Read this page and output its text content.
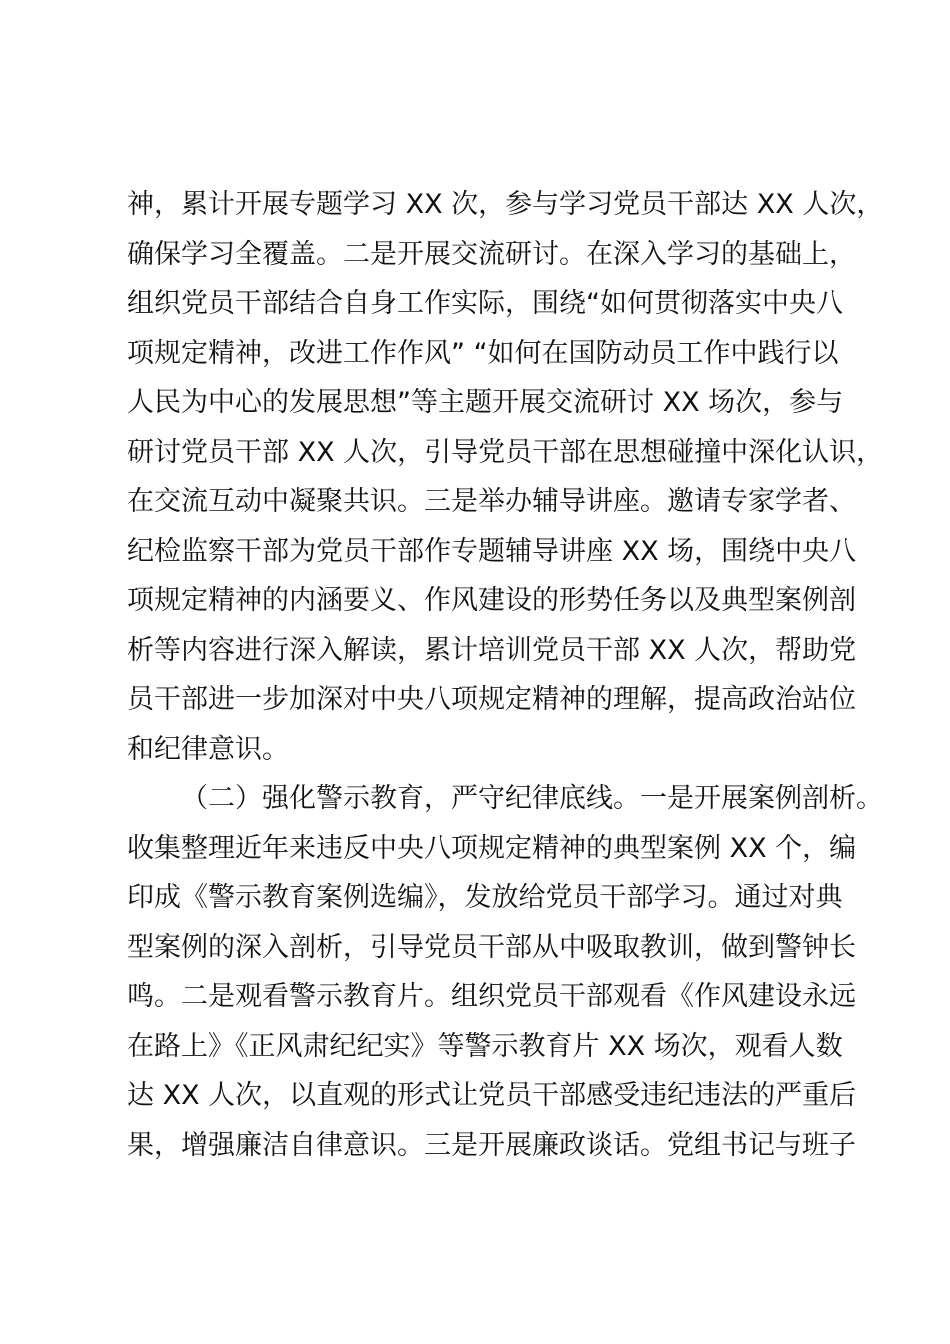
神，累计开展专题学习 XX 次，参与学习党员干部达 XX 人次，
确保学习全覆盖。二是开展交流研讨。在深入学习的基础上，
组织党员干部结合自身工作实际，围绕“如何贯彻落实中央八
项规定精神，改进工作作风” “如何在国防动员工作中践行以
人民为中心的发展思想”等主题开展交流研讨 XX 场次，参与
研讨党员干部 XX 人次，引导党员干部在思想碰撞中深化认识，
在交流互动中凝聚共识。三是举办辅导讲座。邀请专家学者、
纪检监察干部为党员干部作专题辅导讲座 XX 场，围绕中央八
项规定精神的内涵要义、作风建设的形势任务以及典型案例剖
析等内容进行深入解读，累计培训党员干部 XX 人次，帮助党
员干部进一步加深对中央八项规定精神的理解，提高政治站位
和纪律意识。
（二）强化警示教育，严守纪律底线。一是开展案例剖析。
收集整理近年来违反中央八项规定精神的典型案例 XX 个，编
印成《警示教育案例选编》，发放给党员干部学习。通过对典
型案例的深入剖析，引导党员干部从中吸取教训，做到警钟长
鸣。二是观看警示教育片。组织党员干部观看《作风建设永远
在路上》《正风肃纪纪实》等警示教育片 XX 场次，观看人数
达 XX 人次，以直观的形式让党员干部感受违纪违法的严重后
果，增强廉洁自律意识。三是开展廉政谈话。党组书记与班子
